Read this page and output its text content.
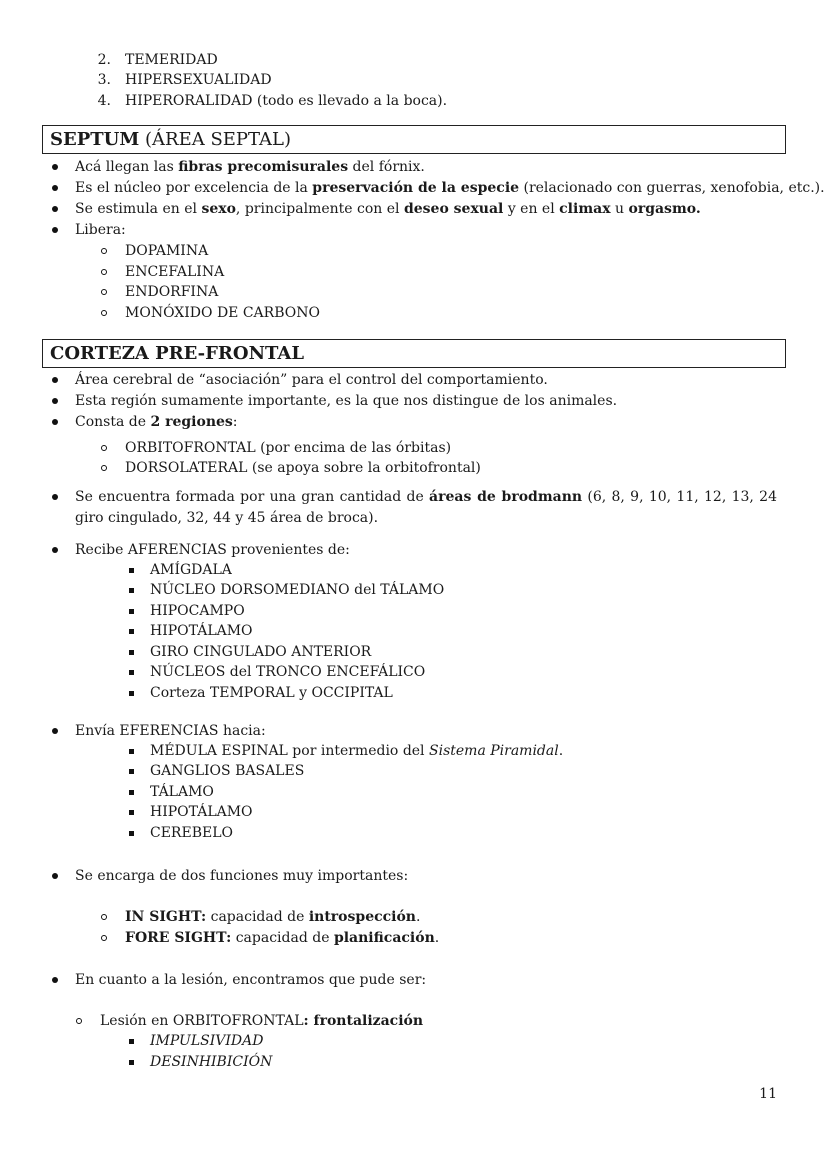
2. TEMERIDAD
3. HIPERSEXUALIDAD
4. HIPERORALIDAD (todo es llevado a la boca).
SEPTUM (ÁREA SEPTAL)
Acá llegan las fibras precomisurales del fórnix.
Es el núcleo por excelencia de la preservación de la especie (relacionado con guerras, xenofobia, etc.).
Se estimula en el sexo, principalmente con el deseo sexual y en el climax u orgasmo.
Libera:
DOPAMINA
ENCEFALINA
ENDORFINA
MONÓXIDO DE CARBONO
CORTEZA PRE-FRONTAL
Área cerebral de “asociación” para el control del comportamiento.
Esta región sumamente importante, es la que nos distingue de los animales.
Consta de 2 regiones:
ORBITOFRONTAL (por encima de las órbitas)
DORSOLATERAL (se apoya sobre la orbitofrontal)
Se encuentra formada por una gran cantidad de áreas de brodmann (6, 8, 9, 10, 11, 12, 13, 24 giro cingulado, 32, 44 y 45 área de broca).
Recibe AFERENCIAS provenientes de:
AMÍGDALA
NÚCLEO DORSOMEDIANO del TÁLAMO
HIPOCAMPO
HIPOTÁLAMO
GIRO CINGULADO ANTERIOR
NÚCLEOS del TRONCO ENCEFÁLICO
Corteza TEMPORAL y OCCIPITAL
Envía EFERENCIAS hacia:
MÉDULA ESPINAL por intermedio del Sistema Piramidal.
GANGLIOS BASALES
TÁLAMO
HIPOTÁLAMO
CEREBELO
Se encarga de dos funciones muy importantes:
IN SIGHT: capacidad de introspección.
FORE SIGHT: capacidad de planificación.
En cuanto a la lesión, encontramos que pude ser:
Lesión en ORBITOFRONTAL: frontalización
IMPULSIVIDAD
DESINHIBICIÓN
11
